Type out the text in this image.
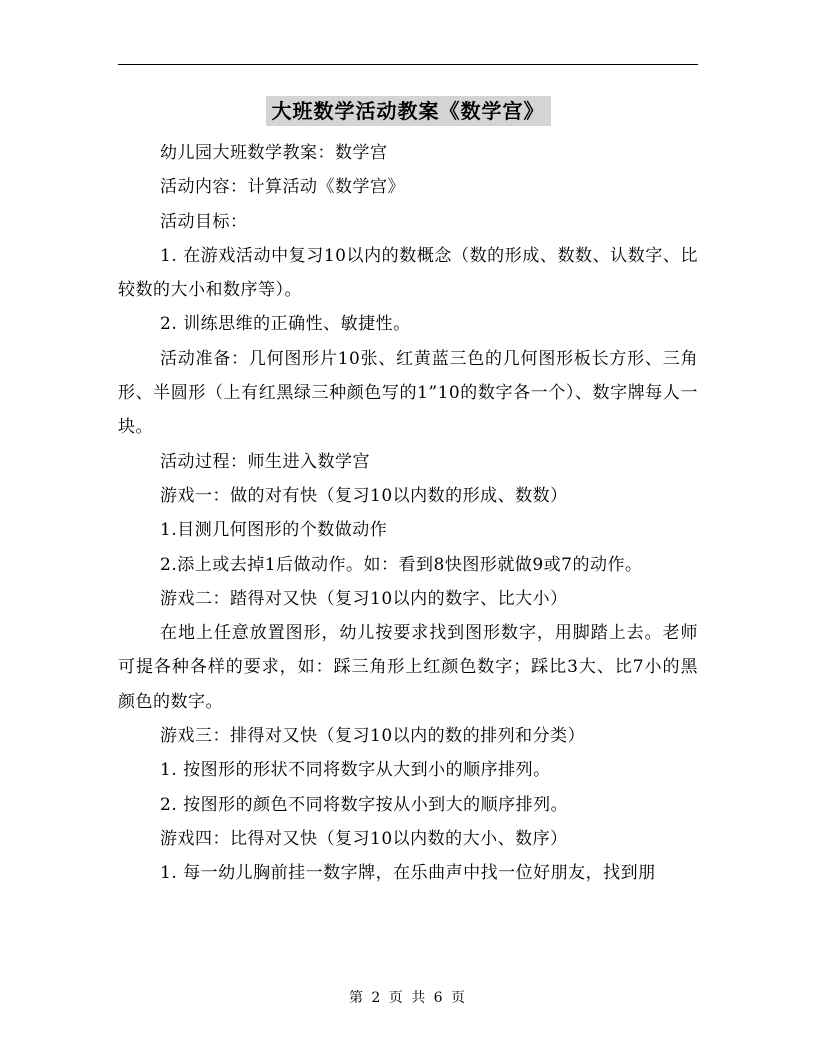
大班数学活动教案《数学宫》

幼儿园大班数学教案：数学宫

活动内容：计算活动《数学宫》

活动目标：

1. 在游戏活动中复习10以内的数概念（数的形成、数数、认数字、比较数的大小和数序等）。

2. 训练思维的正确性、敏捷性。

活动准备：几何图形片10张、红黄蓝三色的几何图形板长方形、三角形、半圆形（上有红黑绿三种颜色写的1”10的数字各一个）、数字牌每人一块。

活动过程：师生进入数学宫

游戏一：做的对有快（复习10以内数的形成、数数）

1.目测几何图形的个数做动作

2.添上或去掉1后做动作。如：看到8快图形就做9或7的动作。

游戏二：踏得对又快（复习10以内的数字、比大小）

在地上任意放置图形，幼儿按要求找到图形数字，用脚踏上去。老师可提各种各样的要求，如：踩三角形上红颜色数字；踩比3大、比7小的黑颜色的数字。

游戏三：排得对又快（复习10以内的数的排列和分类）

1. 按图形的形状不同将数字从大到小的顺序排列。

2. 按图形的颜色不同将数字按从小到大的顺序排列。

游戏四：比得对又快（复习10以内数的大小、数序）

1. 每一幼儿胸前挂一数字牌，在乐曲声中找一位好朋友，找到朋

第 2 页 共 6 页
